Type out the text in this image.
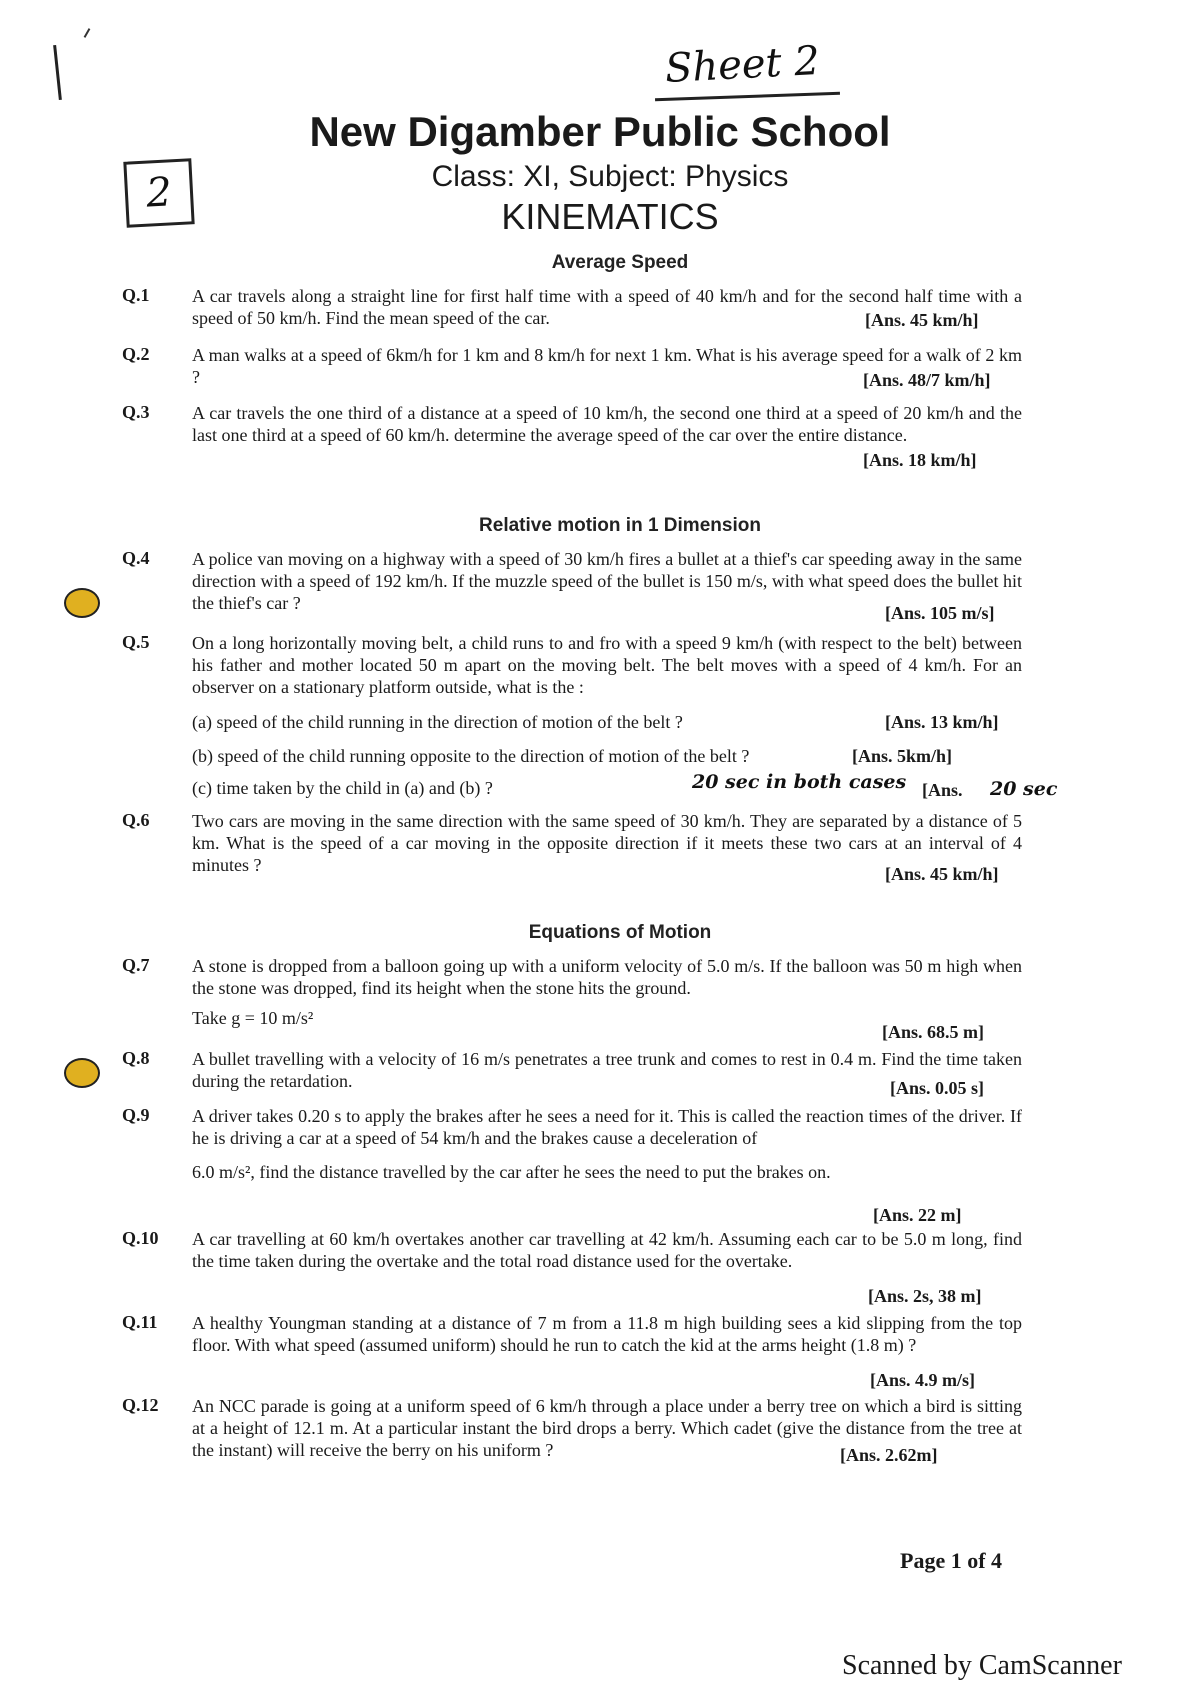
Sheet 2
2
New Digamber Public School
Class: XI, Subject: Physics
KINEMATICS
Average Speed
Q.1 A car travels along a straight line for first half time with a speed of 40 km/h and for the second half time with a speed of 50 km/h. Find the mean speed of the car.	[Ans. 45 km/h]
Q.2 A man walks at a speed of 6km/h for 1 km and 8 km/h for next 1 km. What is his average speed for a walk of 2 km ?	[Ans. 48/7 km/h]
Q.3 A car travels the one third of a distance at a speed of 10 km/h, the second one third at a speed of 20 km/h and the last one third at a speed of 60 km/h. determine the average speed of the car over the entire distance.
[Ans. 18 km/h]
Relative motion in 1 Dimension
Q.4 A police van moving on a highway with a speed of 30 km/h fires a bullet at a thief's car speeding away in the same direction with a speed of 192 km/h. If the muzzle speed of the bullet is 150 m/s, with what speed does the bullet hit the thief's car ?	[Ans. 105 m/s]
Q.5 On a long horizontally moving belt, a child runs to and fro with a speed 9 km/h (with respect to the belt) between his father and mother located 50 m apart on the moving belt. The belt moves with a speed of 4 km/h. For an observer on a stationary platform outside, what is the :
(a) speed of the child running in the direction of motion of the belt ?	[Ans. 13 km/h]
(b) speed of the child running opposite to the direction of motion of the belt ?	[Ans. 5km/h]
(c) time taken by the child in (a) and (b) ?	20 sec in both cases [Ans. 20 sec
Q.6 Two cars are moving in the same direction with the same speed of 30 km/h. They are separated by a distance of 5 km. What is the speed of a car moving in the opposite direction if it meets these two cars at an interval of 4 minutes ?	[Ans. 45 km/h]
Equations of Motion
Q.7 A stone is dropped from a balloon going up with a uniform velocity of 5.0 m/s. If the balloon was 50 m high when the stone was dropped, find its height when the stone hits the ground.
Take g = 10 m/s²
[Ans. 68.5 m]
Q.8 A bullet travelling with a velocity of 16 m/s penetrates a tree trunk and comes to rest in 0.4 m. Find the time taken during the retardation.	[Ans. 0.05 s]
Q.9 A driver takes 0.20 s to apply the brakes after he sees a need for it. This is called the reaction times of the driver. If he is driving a car at a speed of 54 km/h and the brakes cause a deceleration of
6.0 m/s², find the distance travelled by the car after he sees the need to put the brakes on.
[Ans. 22 m]
Q.10 A car travelling at 60 km/h overtakes another car travelling at 42 km/h. Assuming each car to be 5.0 m long, find the time taken during the overtake and the total road distance used for the overtake.
[Ans. 2s, 38 m]
Q.11 A healthy Youngman standing at a distance of 7 m from a 11.8 m high building sees a kid slipping from the top floor. With what speed (assumed uniform) should he run to catch the kid at the arms height (1.8 m) ?
[Ans. 4.9 m/s]
Q.12 An NCC parade is going at a uniform speed of 6 km/h through a place under a berry tree on which a bird is sitting at a height of 12.1 m. At a particular instant the bird drops a berry. Which cadet (give the distance from the tree at the instant) will receive the berry on his uniform ?	[Ans. 2.62m]
Page 1 of 4
Scanned by CamScanner
